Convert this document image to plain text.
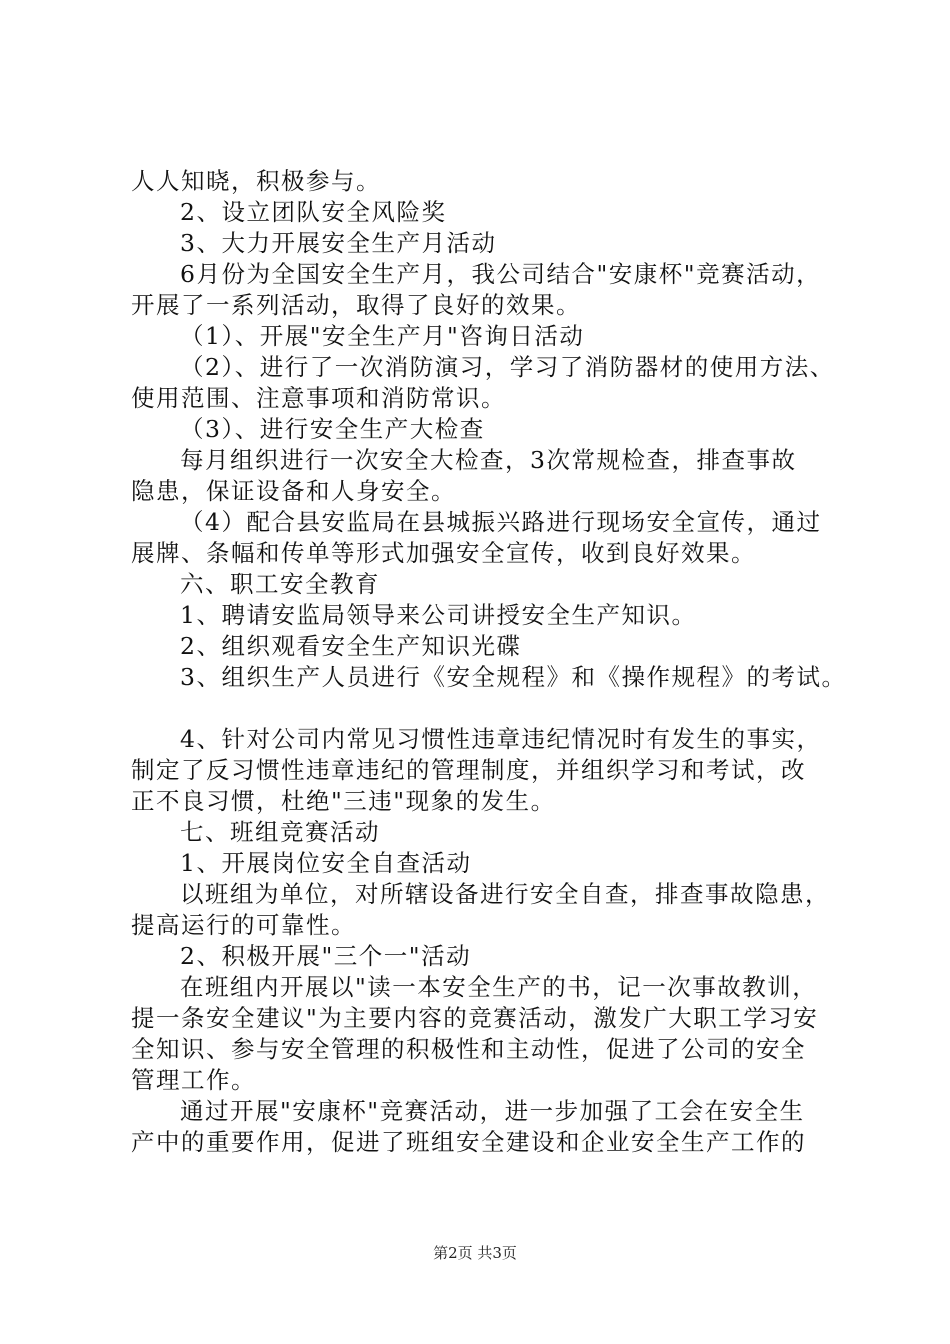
人人知晓，积极参与。

2、设立团队安全风险奖

3、大力开展安全生产月活动

6月份为全国安全生产月，我公司结合"安康杯"竞赛活动，

开展了一系列活动，取得了良好的效果。

（1）、开展"安全生产月"咨询日活动

（2）、进行了一次消防演习，学习了消防器材的使用方法、

使用范围、注意事项和消防常识。

（3）、进行安全生产大检查

每月组织进行一次安全大检查，3次常规检查，排查事故

隐患，保证设备和人身安全。

（4）配合县安监局在县城振兴路进行现场安全宣传，通过

展牌、条幅和传单等形式加强安全宣传，收到良好效果。

六、职工安全教育

1、聘请安监局领导来公司讲授安全生产知识。

2、组织观看安全生产知识光碟

3、组织生产人员进行《安全规程》和《操作规程》的考试。

4、针对公司内常见习惯性违章违纪情况时有发生的事实，

制定了反习惯性违章违纪的管理制度，并组织学习和考试，改

正不良习惯，杜绝"三违"现象的发生。

七、班组竞赛活动

1、开展岗位安全自查活动

以班组为单位，对所辖设备进行安全自查，排查事故隐患，

提高运行的可靠性。

2、积极开展"三个一"活动

在班组内开展以"读一本安全生产的书，记一次事故教训，

提一条安全建议"为主要内容的竞赛活动，激发广大职工学习安

全知识、参与安全管理的积极性和主动性，促进了公司的安全

管理工作。

通过开展"安康杯"竞赛活动，进一步加强了工会在安全生

产中的重要作用，促进了班组安全建设和企业安全生产工作的

第2页 共3页
